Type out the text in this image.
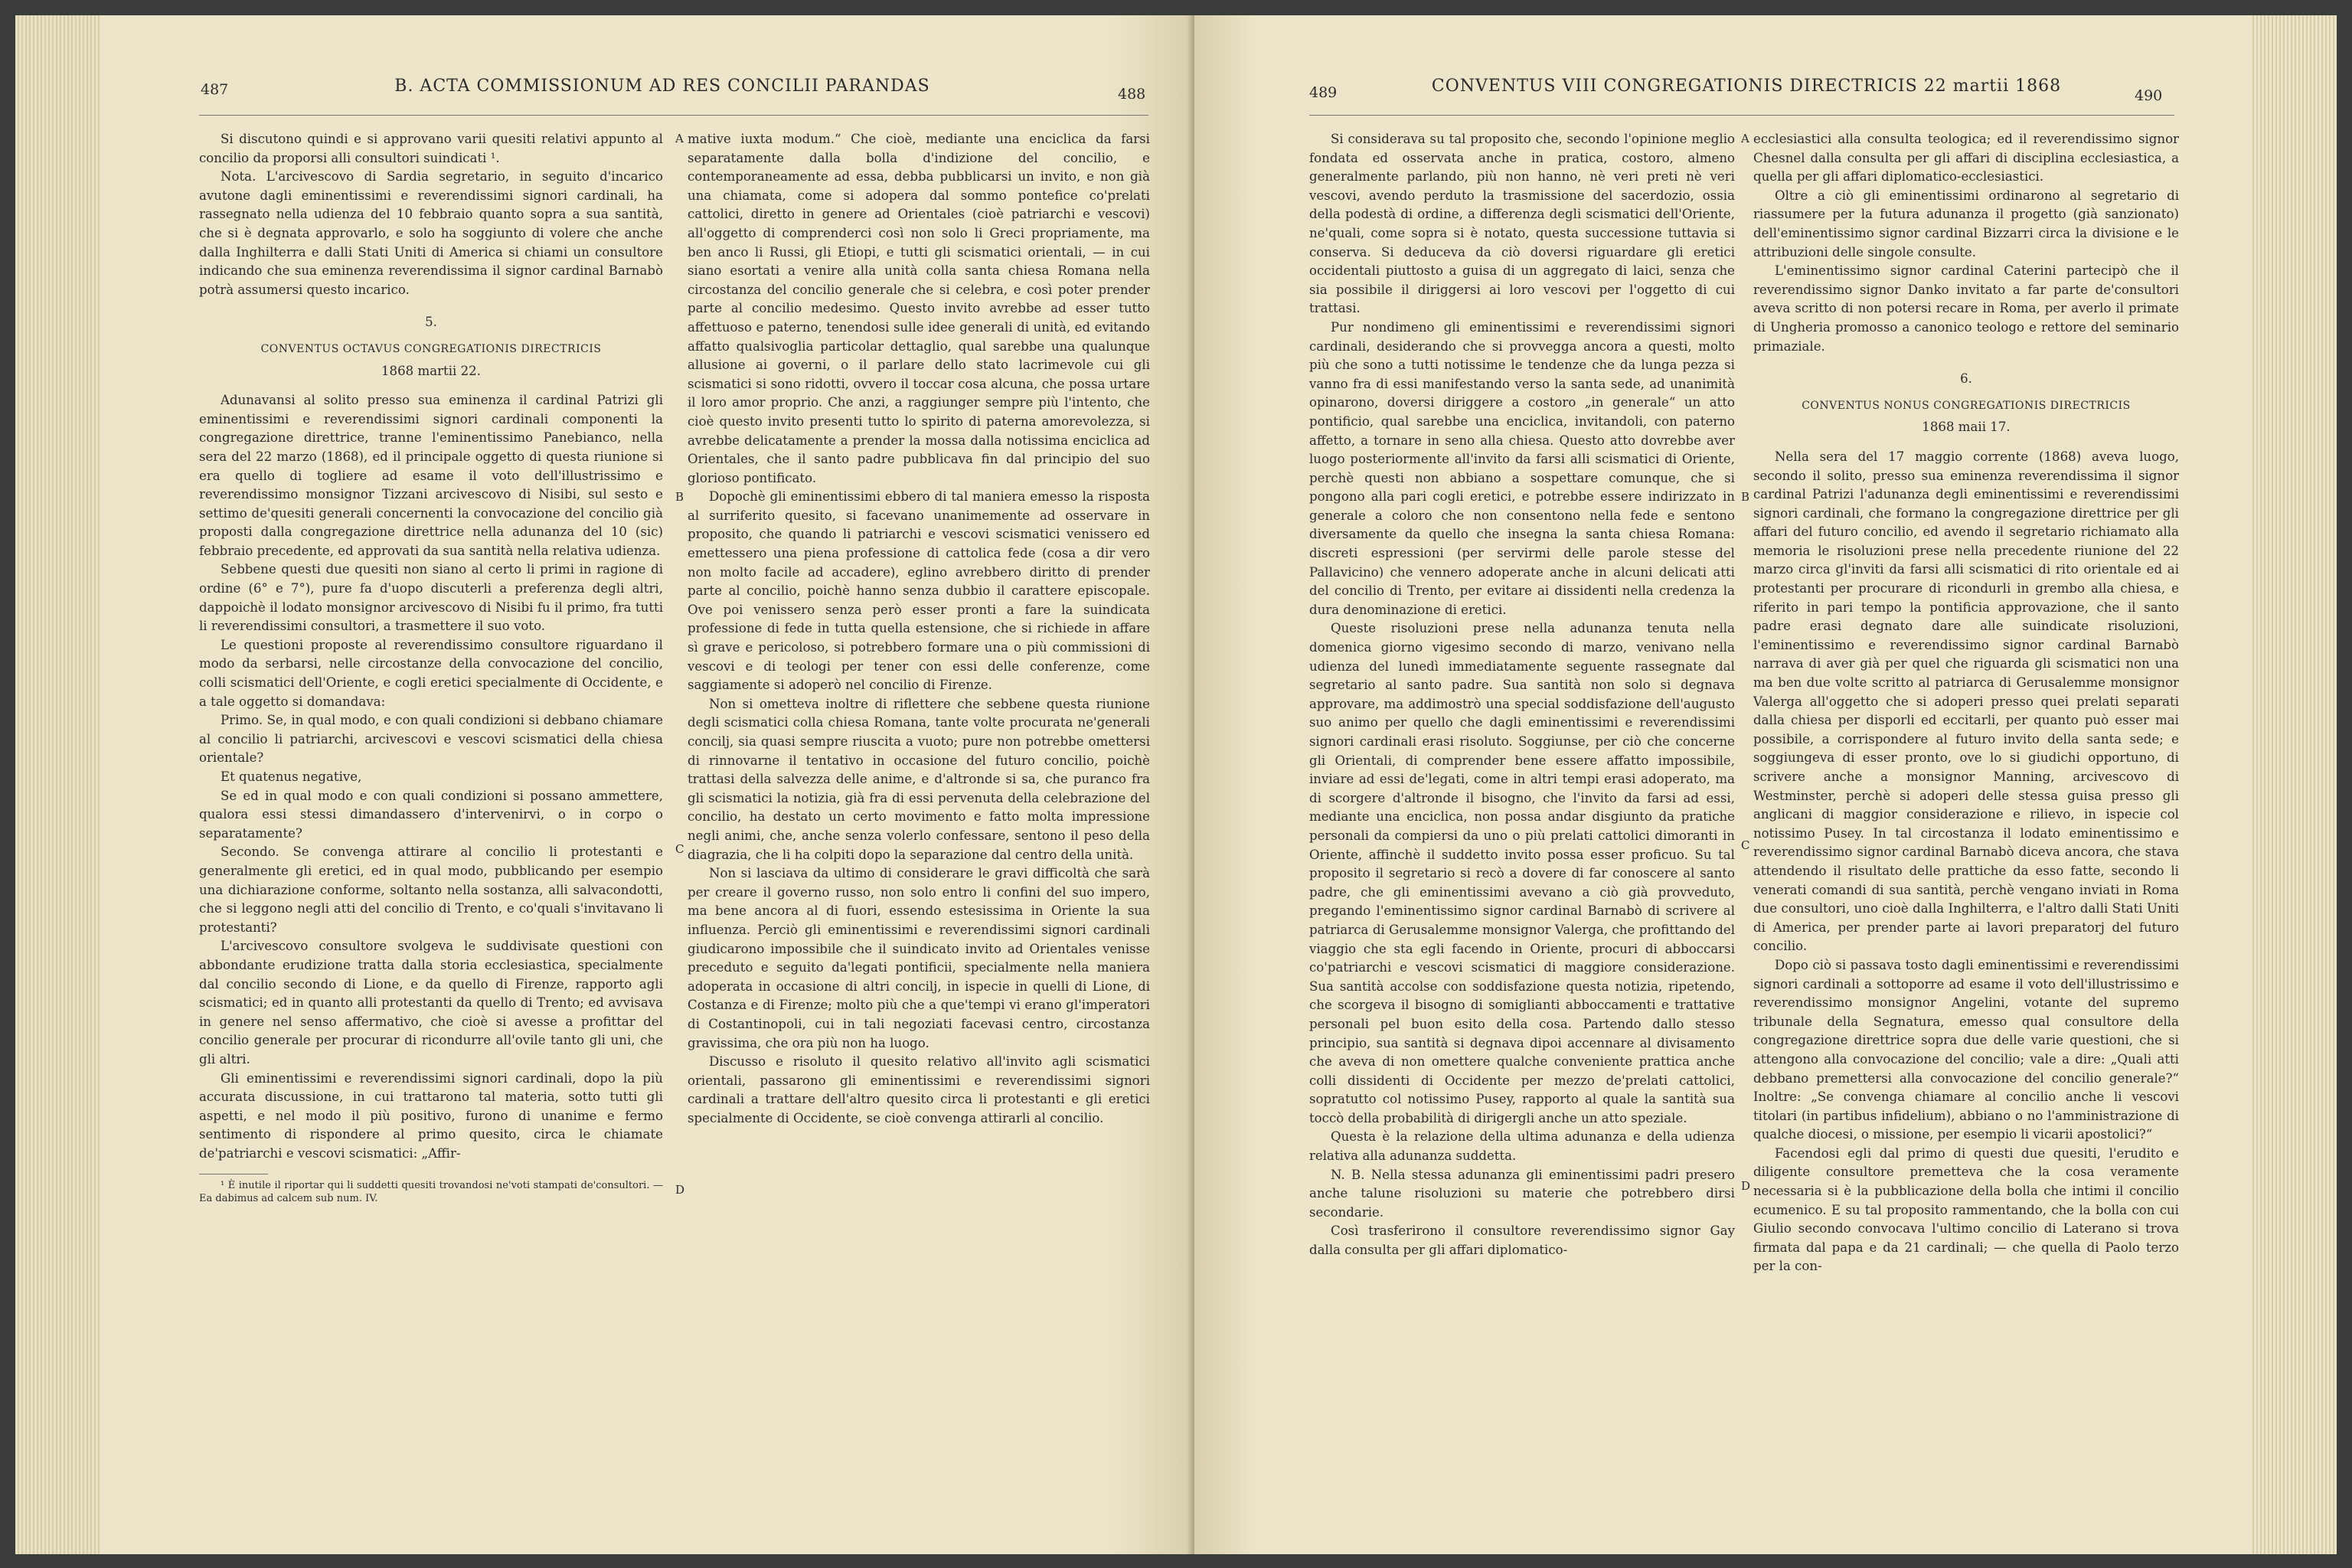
487	B. ACTA COMMISSIONUM AD RES CONCILII PARANDAS	488

Si discutono quindi e si approvano varii quesiti relativi appunto al concilio da proporsi alli consultori suindicati ¹.

Nota. L'arcivescovo di Sardia segretario, in seguito d'incarico avutone dagli eminentissimi e reverendissimi signori cardinali, ha rassegnato nella udienza del 10 febbraio quanto sopra a sua santità, che si è degnata approvarlo, e solo ha soggiunto di volere che anche dalla Inghilterra e dalli Stati Uniti di America si chiami un consultore indicando che sua eminenza reverendissima il signor cardinal Barnabò potrà assumersi questo incarico.

5.

CONVENTUS OCTAVUS CONGREGATIONIS DIRECTRICIS

1868 martii 22.

Adunavansi al solito presso sua eminenza il cardinal Patrizi gli eminentissimi e reverendissimi signori cardinali componenti la congregazione direttrice, tranne l'eminentissimo Panebianco, nella sera del 22 marzo (1868), ed il principale oggetto di questa riunione si era quello di togliere ad esame il voto dell'illustrissimo e reverendissimo monsignor Tizzani arcivescovo di Nisibi, sul sesto e settimo de'quesiti generali concernenti la convocazione del concilio già proposti dalla congregazione direttrice nella adunanza del 10 (sic) febbraio precedente, ed approvati da sua santità nella relativa udienza.

Sebbene questi due quesiti non siano al certo li primi in ragione di ordine (6° e 7°), pure fa d'uopo discuterli a preferenza degli altri, dappoichè il lodato monsignor arcivescovo di Nisibi fu il primo, fra tutti li reverendissimi consultori, a trasmettere il suo voto.

Le questioni proposte al reverendissimo consultore riguardano il modo da serbarsi, nelle circostanze della convocazione del concilio, colli scismatici dell'Oriente, e cogli eretici specialmente di Occidente, e a tale oggetto si domandava:

Primo. Se, in qual modo, e con quali condizioni si debbano chiamare al concilio li patriarchi, arcivescovi e vescovi scismatici della chiesa orientale?

Et quatenus negative,

Se ed in qual modo e con quali condizioni si possano ammettere, qualora essi stessi dimandassero d'intervenirvi, o in corpo o separatamente?

Secondo. Se convenga attirare al concilio li protestanti e generalmente gli eretici, ed in qual modo, pubblicando per esempio una dichiarazione conforme, soltanto nella sostanza, alli salvacondotti, che si leggono negli atti del concilio di Trento, e co'quali s'invitavano li protestanti?

L'arcivescovo consultore svolgeva le suddivisate questioni con abbondante erudizione tratta dalla storia ecclesiastica, specialmente dal concilio secondo di Lione, e da quello di Firenze, rapporto agli scismatici; ed in quanto alli protestanti da quello di Trento; ed avvisava in genere nel senso affermativo, che cioè si avesse a profittar del concilio generale per procurar di ricondurre all'ovile tanto gli uni, che gli altri.

Gli eminentissimi e reverendissimi signori cardinali, dopo la più accurata discussione, in cui trattarono tal materia, sotto tutti gli aspetti, e nel modo il più positivo, furono di unanime e fermo sentimento di rispondere al primo quesito, circa le chiamate de'patriarchi e vescovi scismatici: „Affir-

¹ È inutile il riportar qui li suddetti quesiti trovandosi ne'voti stampati de'consultori. — Ea dabimus ad calcem sub num. IV.

A
B
C
D

mative iuxta modum.“ Che cioè, mediante una enciclica da farsi separatamente dalla bolla d'indizione del concilio, e contemporaneamente ad essa, debba pubblicarsi un invito, e non già una chiamata, come si adopera dal sommo pontefice co'prelati cattolici, diretto in genere ad Orientales (cioè patriarchi e vescovi) all'oggetto di comprenderci così non solo li Greci propriamente, ma ben anco li Russi, gli Etiopi, e tutti gli scismatici orientali, — in cui siano esortati a venire alla unità colla santa chiesa Romana nella circostanza del concilio generale che si celebra, e così poter prender parte al concilio medesimo. Questo invito avrebbe ad esser tutto affettuoso e paterno, tenendosi sulle idee generali di unità, ed evitando affatto qualsivoglia particolar dettaglio, qual sarebbe una qualunque allusione ai governi, o il parlare dello stato lacrimevole cui gli scismatici si sono ridotti, ovvero il toccar cosa alcuna, che possa urtare il loro amor proprio. Che anzi, a raggiunger sempre più l'intento, che cioè questo invito presenti tutto lo spirito di paterna amorevolezza, si avrebbe delicatamente a prender la mossa dalla notissima enciclica ad Orientales, che il santo padre pubblicava fin dal principio del suo glorioso pontificato.

Dopochè gli eminentissimi ebbero di tal maniera emesso la risposta al surriferito quesito, si facevano unanimemente ad osservare in proposito, che quando li patriarchi e vescovi scismatici venissero ed emettessero una piena professione di cattolica fede (cosa a dir vero non molto facile ad accadere), eglino avrebbero diritto di prender parte al concilio, poichè hanno senza dubbio il carattere episcopale. Ove poi venissero senza però esser pronti a fare la suindicata professione di fede in tutta quella estensione, che si richiede in affare sì grave e pericoloso, si potrebbero formare una o più commissioni di vescovi e di teologi per tener con essi delle conferenze, come saggiamente si adoperò nel concilio di Firenze.

Non si ometteva inoltre di riflettere che sebbene questa riunione degli scismatici colla chiesa Romana, tante volte procurata ne'generali concilj, sia quasi sempre riuscita a vuoto; pure non potrebbe omettersi di rinnovarne il tentativo in occasione del futuro concilio, poichè trattasi della salvezza delle anime, e d'altronde si sa, che puranco fra gli scismatici la notizia, già fra di essi pervenuta della celebrazione del concilio, ha destato un certo movimento e fatto molta impressione negli animi, che, anche senza volerlo confessare, sentono il peso della diagrazia, che li ha colpiti dopo la separazione dal centro della unità.

Non si lasciava da ultimo di considerare le gravi difficoltà che sarà per creare il governo russo, non solo entro li confini del suo impero, ma bene ancora al di fuori, essendo estesissima in Oriente la sua influenza. Perciò gli eminentissimi e reverendissimi signori cardinali giudicarono impossibile che il suindicato invito ad Orientales venisse preceduto e seguito da'legati pontificii, specialmente nella maniera adoperata in occasione di altri concilj, in ispecie in quelli di Lione, di Costanza e di Firenze; molto più che a que'tempi vi erano gl'imperatori di Costantinopoli, cui in tali negoziati facevasi centro, circostanza gravissima, che ora più non ha luogo.

Discusso e risoluto il quesito relativo all'invito agli scismatici orientali, passarono gli eminentissimi e reverendissimi signori cardinali a trattare dell'altro quesito circa li protestanti e gli eretici specialmente di Occidente, se cioè convenga attirarli al concilio.

489	CONVENTUS VIII CONGREGATIONIS DIRECTRICIS 22 martii 1868	490

Si considerava su tal proposito che, secondo l'opinione meglio fondata ed osservata anche in pratica, costoro, almeno generalmente parlando, più non hanno, nè veri preti nè veri vescovi, avendo perduto la trasmissione del sacerdozio, ossia della podestà di ordine, a differenza degli scismatici dell'Oriente, ne'quali, come sopra si è notato, questa successione tuttavia si conserva. Si deduceva da ciò doversi riguardare gli eretici occidentali piuttosto a guisa di un aggregato di laici, senza che sia possibile il diriggersi ai loro vescovi per l'oggetto di cui trattasi.

Pur nondimeno gli eminentissimi e reverendissimi signori cardinali, desiderando che si provvegga ancora a questi, molto più che sono a tutti notissime le tendenze che da lunga pezza si vanno fra di essi manifestando verso la santa sede, ad unanimità opinarono, doversi diriggere a costoro „in generale“ un atto pontificio, qual sarebbe una enciclica, invitandoli, con paterno affetto, a tornare in seno alla chiesa. Questo atto dovrebbe aver luogo posteriormente all'invito da farsi alli scismatici di Oriente, perchè questi non abbiano a sospettare comunque, che si pongono alla pari cogli eretici, e potrebbe essere indirizzato in generale a coloro che non consentono nella fede e sentono diversamente da quello che insegna la santa chiesa Romana: discreti espressioni (per servirmi delle parole stesse del Pallavicino) che vennero adoperate anche in alcuni delicati atti del concilio di Trento, per evitare ai dissidenti nella credenza la dura denominazione di eretici.

Queste risoluzioni prese nella adunanza tenuta nella domenica giorno vigesimo secondo di marzo, venivano nella udienza del lunedì immediatamente seguente rassegnate dal segretario al santo padre. Sua santità non solo si degnava approvare, ma addimostrò una special soddisfazione dell'augusto suo animo per quello che dagli eminentissimi e reverendissimi signori cardinali erasi risoluto. Soggiunse, per ciò che concerne gli Orientali, di comprender bene essere affatto impossibile, inviare ad essi de'legati, come in altri tempi erasi adoperato, ma di scorgere d'altronde il bisogno, che l'invito da farsi ad essi, mediante una enciclica, non possa andar disgiunto da pratiche personali da compiersi da uno o più prelati cattolici dimoranti in Oriente, affinchè il suddetto invito possa esser proficuo. Su tal proposito il segretario si recò a dovere di far conoscere al santo padre, che gli eminentissimi avevano a ciò già provveduto, pregando l'eminentissimo signor cardinal Barnabò di scrivere al patriarca di Gerusalemme monsignor Valerga, che profittando del viaggio che sta egli facendo in Oriente, procuri di abboccarsi co'patriarchi e vescovi scismatici di maggiore considerazione. Sua santità accolse con soddisfazione questa notizia, ripetendo, che scorgeva il bisogno di somiglianti abboccamenti e trattative personali pel buon esito della cosa. Partendo dallo stesso principio, sua santità si degnava dipoi accennare al divisamento che aveva di non omettere qualche conveniente prattica anche colli dissidenti di Occidente per mezzo de'prelati cattolici, sopratutto col notissimo Pusey, rapporto al quale la santità sua toccò della probabilità di dirigergli anche un atto speziale.

Questa è la relazione della ultima adunanza e della udienza relativa alla adunanza suddetta.

N. B. Nella stessa adunanza gli eminentissimi padri presero anche talune risoluzioni su materie che potrebbero dirsi secondarie.

Così trasferirono il consultore reverendissimo signor Gay dalla consulta per gli affari diplomatico-

A
B
C
D

ecclesiastici alla consulta teologica; ed il reverendissimo signor Chesnel dalla consulta per gli affari di disciplina ecclesiastica, a quella per gli affari diplomatico-ecclesiastici.

Oltre a ciò gli eminentissimi ordinarono al segretario di riassumere per la futura adunanza il progetto (già sanzionato) dell'eminentissimo signor cardinal Bizzarri circa la divisione e le attribuzioni delle singole consulte.

L'eminentissimo signor cardinal Caterini partecipò che il reverendissimo signor Danko invitato a far parte de'consultori aveva scritto di non potersi recare in Roma, per averlo il primate di Ungheria promosso a canonico teologo e rettore del seminario primaziale.

6.

CONVENTUS NONUS CONGREGATIONIS DIRECTRICIS

1868 maii 17.

Nella sera del 17 maggio corrente (1868) aveva luogo, secondo il solito, presso sua eminenza reverendissima il signor cardinal Patrizi l'adunanza degli eminentissimi e reverendissimi signori cardinali, che formano la congregazione direttrice per gli affari del futuro concilio, ed avendo il segretario richiamato alla memoria le risoluzioni prese nella precedente riunione del 22 marzo circa gl'inviti da farsi alli scismatici di rito orientale ed ai protestanti per procurare di ricondurli in grembo alla chiesa, e riferito in pari tempo la pontificia approvazione, che il santo padre erasi degnato dare alle suindicate risoluzioni, l'eminentissimo e reverendissimo signor cardinal Barnabò narrava di aver già per quel che riguarda gli scismatici non una ma ben due volte scritto al patriarca di Gerusalemme monsignor Valerga all'oggetto che si adoperi presso quei prelati separati dalla chiesa per disporli ed eccitarli, per quanto può esser mai possibile, a corrispondere al futuro invito della santa sede; e soggiungeva di esser pronto, ove lo si giudichi opportuno, di scrivere anche a monsignor Manning, arcivescovo di Westminster, perchè si adoperi delle stessa guisa presso gli anglicani di maggior considerazione e rilievo, in ispecie col notissimo Pusey. In tal circostanza il lodato eminentissimo e reverendissimo signor cardinal Barnabò diceva ancora, che stava attendendo il risultato delle prattiche da esso fatte, secondo li venerati comandi di sua santità, perchè vengano inviati in Roma due consultori, uno cioè dalla Inghilterra, e l'altro dalli Stati Uniti di America, per prender parte ai lavori preparatorj del futuro concilio.

Dopo ciò si passava tosto dagli eminentissimi e reverendissimi signori cardinali a sottoporre ad esame il voto dell'illustrissimo e reverendissimo monsignor Angelini, votante del supremo tribunale della Segnatura, emesso qual consultore della congregazione direttrice sopra due delle varie questioni, che si attengono alla convocazione del concilio; vale a dire: „Quali atti debbano premettersi alla convocazione del concilio generale?“ Inoltre: „Se convenga chiamare al concilio anche li vescovi titolari (in partibus infidelium), abbiano o no l'amministrazione di qualche diocesi, o missione, per esempio li vicarii apostolici?“

Facendosi egli dal primo di questi due quesiti, l'erudito e diligente consultore premetteva che la cosa veramente necessaria si è la pubblicazione della bolla che intimi il concilio ecumenico. E su tal proposito rammentando, che la bolla con cui Giulio secondo convocava l'ultimo concilio di Laterano si trova firmata dal papa e da 21 cardinali; — che quella di Paolo terzo per la con-
